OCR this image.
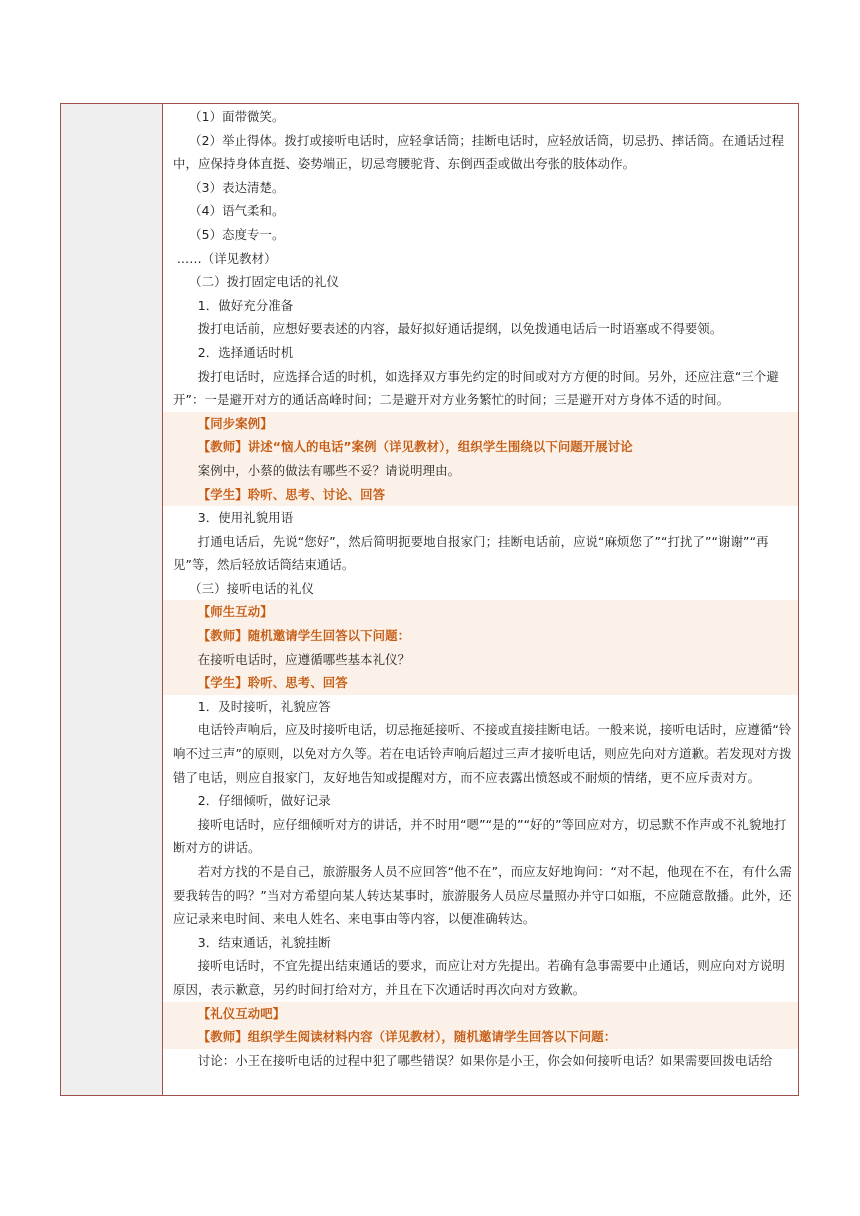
（1）面带微笑。

（2）举止得体。拨打或接听电话时，应轻拿话筒；挂断电话时，应轻放话筒，切忌扔、摔话筒。在通话过程中，应保持身体直挺、姿势端正，切忌弯腰驼背、东倒西歪或做出夸张的肢体动作。

（3）表达清楚。

（4）语气柔和。

（5）态度专一。

……（详见教材）

（二）拨打固定电话的礼仪

1．做好充分准备

拨打电话前，应想好要表述的内容，最好拟好通话提纲，以免拨通电话后一时语塞或不得要领。

2．选择通话时机

拨打电话时，应选择合适的时机，如选择双方事先约定的时间或对方方便的时间。另外，还应注意“三个避开”：一是避开对方的通话高峰时间；二是避开对方业务繁忙的时间；三是避开对方身体不适的时间。

【同步案例】

【教师】讲述“恼人的电话”案例（详见教材），组织学生围绕以下问题开展讨论

案例中，小蔡的做法有哪些不妥？请说明理由。

【学生】聆听、思考、讨论、回答

3．使用礼貌用语

打通电话后，先说“您好”，然后简明扼要地自报家门；挂断电话前，应说“麻烦您了”“打扰了”“谢谢”“再见”等，然后轻放话筒结束通话。

（三）接听电话的礼仪

【师生互动】

【教师】随机邀请学生回答以下问题：

在接听电话时，应遵循哪些基本礼仪？

【学生】聆听、思考、回答

1．及时接听，礼貌应答

电话铃声响后，应及时接听电话，切忌拖延接听、不接或直接挂断电话。一般来说，接听电话时，应遵循“铃响不过三声”的原则，以免对方久等。若在电话铃声响后超过三声才接听电话，则应先向对方道歉。若发现对方拨错了电话，则应自报家门，友好地告知或提醒对方，而不应表露出愤怒或不耐烦的情绪，更不应斥责对方。

2．仔细倾听，做好记录

接听电话时，应仔细倾听对方的讲话，并不时用“嗯”“是的”“好的”等回应对方，切忌默不作声或不礼貌地打断对方的讲话。

若对方找的不是自己，旅游服务人员不应回答“他不在”，而应友好地询问：“对不起，他现在不在，有什么需要我转告的吗？”当对方希望向某人转达某事时，旅游服务人员应尽量照办并守口如瓶，不应随意散播。此外，还应记录来电时间、来电人姓名、来电事由等内容，以便准确转达。

3．结束通话，礼貌挂断

接听电话时，不宜先提出结束通话的要求，而应让对方先提出。若确有急事需要中止通话，则应向对方说明原因，表示歉意，另约时间打给对方，并且在下次通话时再次向对方致歉。

【礼仪互动吧】

【教师】组织学生阅读材料内容（详见教材），随机邀请学生回答以下问题：

讨论：小王在接听电话的过程中犯了哪些错误？如果你是小王，你会如何接听电话？如果需要回拨电话给
